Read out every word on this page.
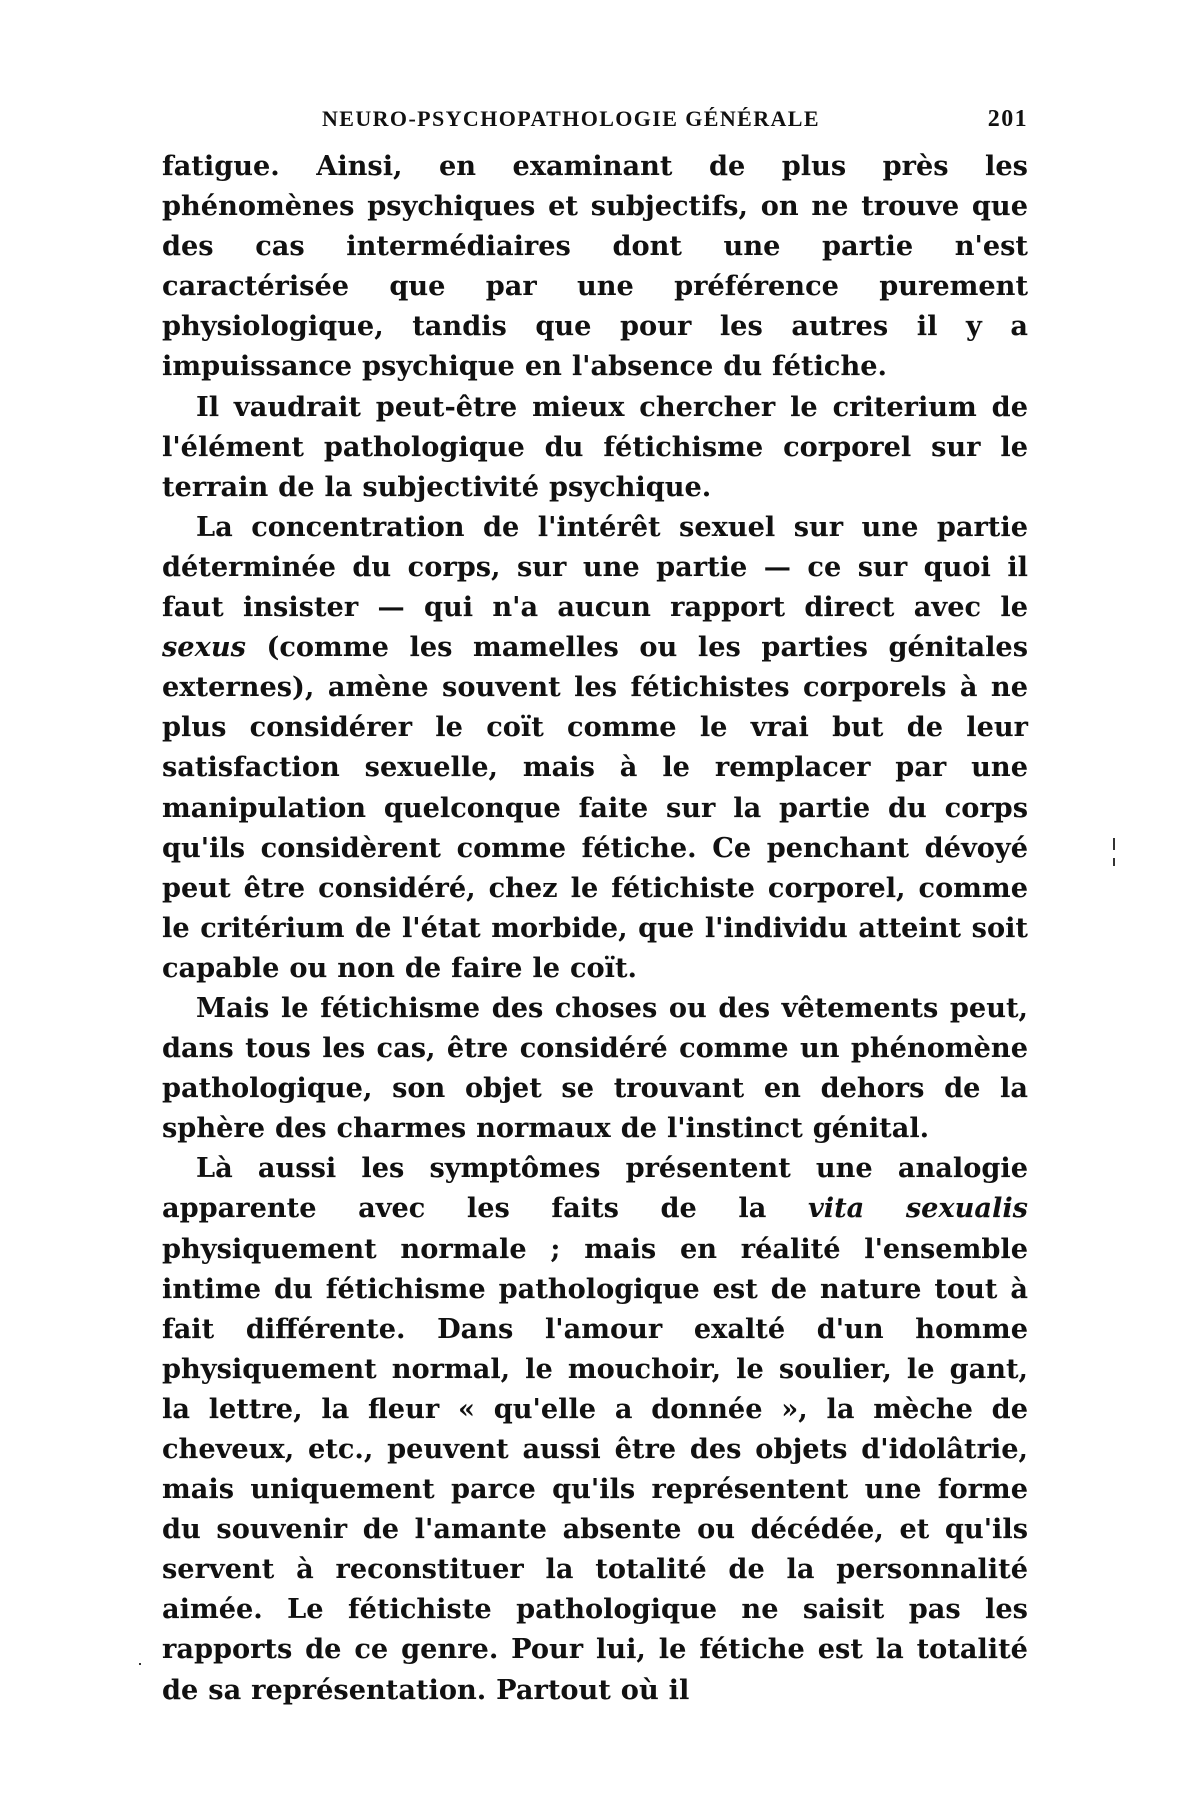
NEURO-PSYCHOPATHOLOGIE GÉNÉRALE	201

fatigue. Ainsi, en examinant de plus près les phénomènes psychiques et subjectifs, on ne trouve que des cas intermédiaires dont une partie n'est caractérisée que par une préférence purement physiologique, tandis que pour les autres il y a impuissance psychique en l'absence du fétiche.

Il vaudrait peut-être mieux chercher le criterium de l'élément pathologique du fétichisme corporel sur le terrain de la subjectivité psychique.

La concentration de l'intérêt sexuel sur une partie déterminée du corps, sur une partie — ce sur quoi il faut insister — qui n'a aucun rapport direct avec le sexus (comme les mamelles ou les parties génitales externes), amène souvent les fétichistes corporels à ne plus considérer le coït comme le vrai but de leur satisfaction sexuelle, mais à le remplacer par une manipulation quelconque faite sur la partie du corps qu'ils considèrent comme fétiche. Ce penchant dévoyé peut être considéré, chez le fétichiste corporel, comme le critérium de l'état morbide, que l'individu atteint soit capable ou non de faire le coït.

Mais le fétichisme des choses ou des vêtements peut, dans tous les cas, être considéré comme un phénomène pathologique, son objet se trouvant en dehors de la sphère des charmes normaux de l'instinct génital.

Là aussi les symptômes présentent une analogie apparente avec les faits de la vita sexualis physiquement normale ; mais en réalité l'ensemble intime du fétichisme pathologique est de nature tout à fait différente. Dans l'amour exalté d'un homme physiquement normal, le mouchoir, le soulier, le gant, la lettre, la fleur « qu'elle a donnée », la mèche de cheveux, etc., peuvent aussi être des objets d'idolâtrie, mais uniquement parce qu'ils représentent une forme du souvenir de l'amante absente ou décédée, et qu'ils servent à reconstituer la totalité de la personnalité aimée. Le fétichiste pathologique ne saisit pas les rapports de ce genre. Pour lui, le fétiche est la totalité de sa représentation. Partout où il
